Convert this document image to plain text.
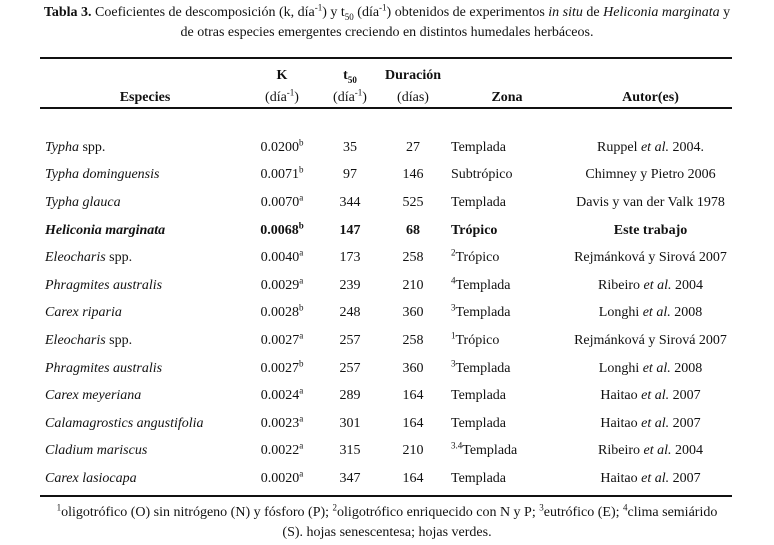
Tabla 3. Coeficientes de descomposición (k, día$^{-1}$) y $t_{50}$ (día$^{-1}$) obtenidos de experimentos in situ de Heliconia marginata y
de otras especies emergentes creciendo en distintos humedales herbáceos.
	K	$t_{50}$	Duración		
Especies	(día$^{-1}$)	(día$^{-1}$)	(días)	Zona	Autor(es)

Typha spp.	0.0200$^b$	35	27	Templada	Ruppel et al. 2004.
Typha dominguensis	0.0071$^b$	97	146	Subtrópico	Chimney y Pietro 2006
Typha glauca	0.0070$^a$	344	525	Templada	Davis y van der Valk 1978
Heliconia marginata	0.0068$^b$	147	68	Trópico	Este trabajo
Eleocharis spp.	0.0040$^a$	173	258	$^2$Trópico	Rejmánková y Sirová 2007
Phragmites australis	0.0029$^a$	239	210	$^4$Templada	Ribeiro et al. 2004
Carex riparia	0.0028$^b$	248	360	$^3$Templada	Longhi et al. 2008
Eleocharis spp.	0.0027$^a$	257	258	$^1$Trópico	Rejmánková y Sirová 2007
Phragmites australis	0.0027$^b$	257	360	$^3$Templada	Longhi et al. 2008
Carex meyeriana	0.0024$^a$	289	164	Templada	Haitao et al. 2007
Calamagrostics angustifolia	0.0023$^a$	301	164	Templada	Haitao et al. 2007
Cladium mariscus	0.0022$^a$	315	210	$^{3.4}$Templada	Ribeiro et al. 2004
Carex lasiocapa	0.0020$^a$	347	164	Templada	Haitao et al. 2007
$^1$oligotrófico (O) sin nitrógeno (N) y fósforo (P); $^2$oligotrófico enriquecido con N y P; $^3$eutrófico (E); $^4$clima semiárido
(S). hojas senescentesa; hojas verdes.
